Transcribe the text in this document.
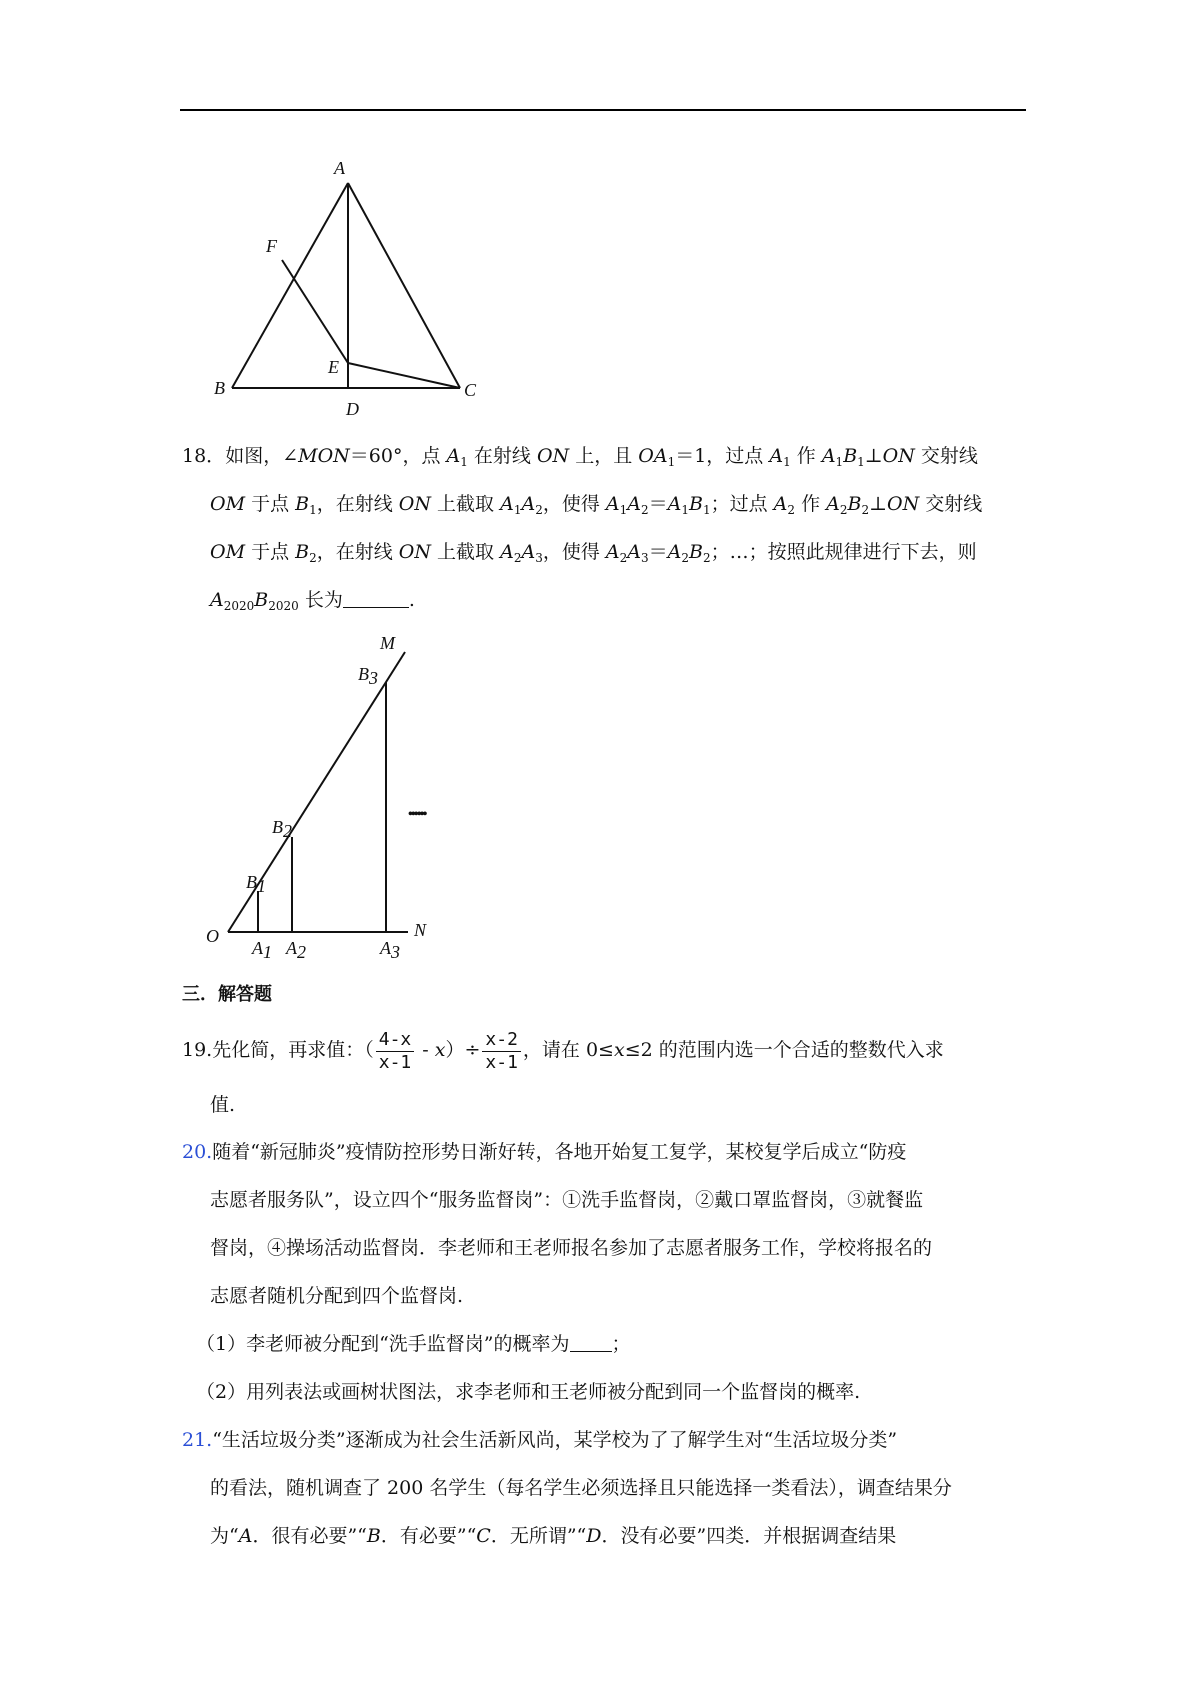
A
F
E
B	C
D
18．如图，∠MON＝60°，点 $A_1$ 在射线 ON 上，且 $OA_1=1$，过点 $A_1$ 作 $A_1B_1\perp ON$ 交射线
OM 于点 $B_1$，在射线 ON 上截取 $A_1A_2$，使得 $A_1A_2=A_1B_1$；过点 $A_2$ 作 $A_2B_2\perp ON$ 交射线
OM 于点 $B_2$，在射线 ON 上截取 $A_2A_3$，使得 $A_2A_3=A_2B_2$；…；按照此规律进行下去，则
$A_{2020}B_{2020}$ 长为	.
M
B3
B2
B1
O	N
A1 A2	A3
••••••
三．解答题
19.先化简，再求值：（ $\frac{4-x}{x-1} - x)\div \frac{x-2}{x-1}$ ，请在 0≤x≤2 的范围内选一个合适的整数代入求
值.
20.随着“新冠肺炎”疫情防控形势日渐好转，各地开始复工复学，某校复学后成立“防疫
志愿者服务队”，设立四个“服务监督岗”：①洗手监督岗，②戴口罩监督岗，③就餐监
督岗，④操场活动监督岗．李老师和王老师报名参加了志愿者服务工作，学校将报名的
志愿者随机分配到四个监督岗.
（1）李老师被分配到“洗手监督岗”的概率为 ；
（2）用列表法或画树状图法，求李老师和王老师被分配到同一个监督岗的概率.
21.“生活垃圾分类”逐渐成为社会生活新风尚，某学校为了了解学生对“生活垃圾分类”
的看法，随机调查了 200 名学生（每名学生必须选择且只能选择一类看法），调查结果分
为“A．很有必要”“B．有必要”“C．无所谓”“D．没有必要”四类．并根据调查结果
